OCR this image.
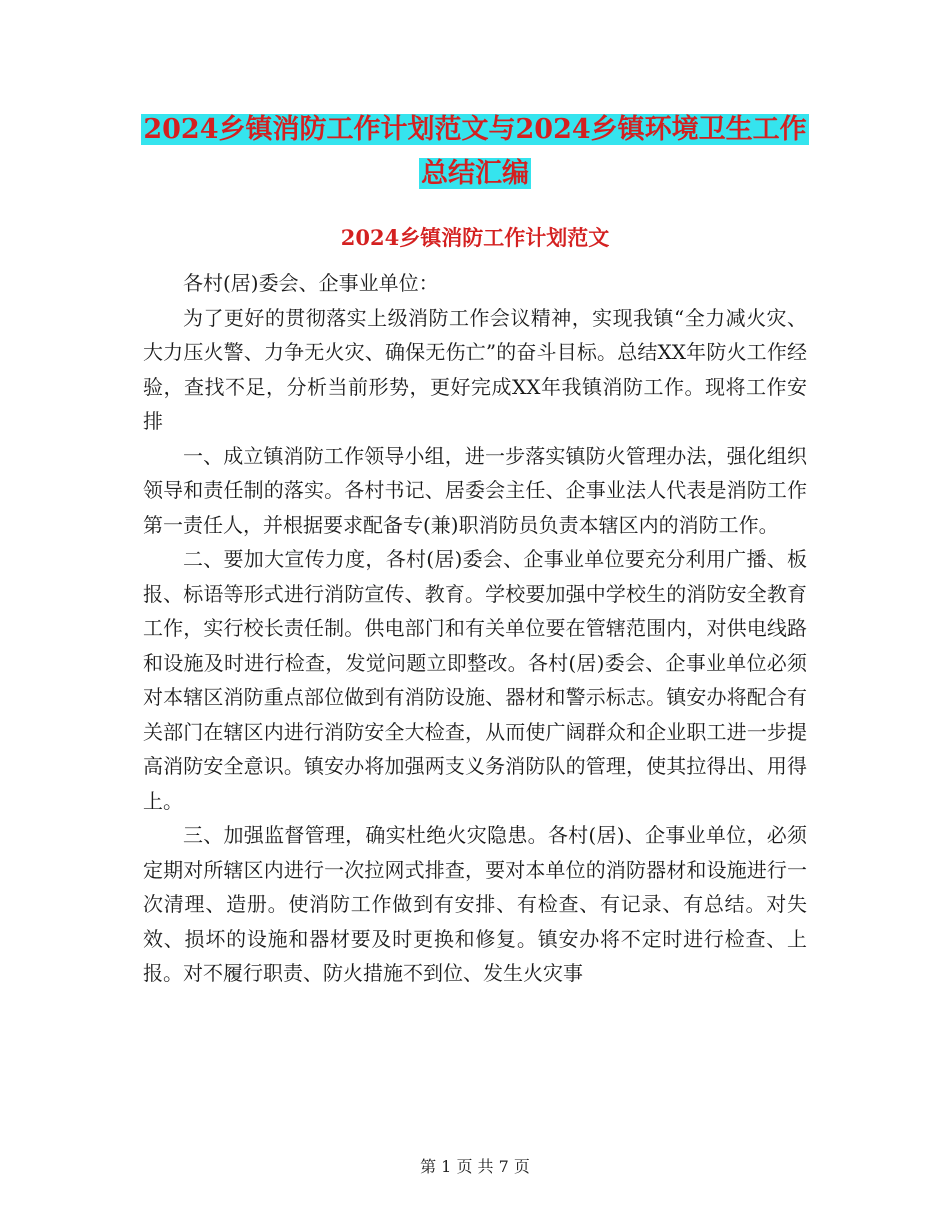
2024乡镇消防工作计划范文与2024乡镇环境卫生工作
总结汇编
2024乡镇消防工作计划范文

各村(居)委会、企事业单位：

为了更好的贯彻落实上级消防工作会议精神，实现我镇“全力减火灾、大力压火警、力争无火灾、确保无伤亡”的奋斗目标。总结XX年防火工作经验，查找不足，分析当前形势，更好完成XX年我镇消防工作。现将工作安排

一、成立镇消防工作领导小组，进一步落实镇防火管理办法，强化组织领导和责任制的落实。各村书记、居委会主任、企事业法人代表是消防工作第一责任人，并根据要求配备专(兼)职消防员负责本辖区内的消防工作。

二、要加大宣传力度，各村(居)委会、企事业单位要充分利用广播、板报、标语等形式进行消防宣传、教育。学校要加强中学校生的消防安全教育工作，实行校长责任制。供电部门和有关单位要在管辖范围内，对供电线路和设施及时进行检查，发觉问题立即整改。各村(居)委会、企事业单位必须对本辖区消防重点部位做到有消防设施、器材和警示标志。镇安办将配合有关部门在辖区内进行消防安全大检查，从而使广阔群众和企业职工进一步提高消防安全意识。镇安办将加强两支义务消防队的管理，使其拉得出、用得上。

三、加强监督管理，确实杜绝火灾隐患。各村(居)、企事业单位，必须定期对所辖区内进行一次拉网式排查，要对本单位的消防器材和设施进行一次清理、造册。使消防工作做到有安排、有检查、有记录、有总结。对失效、损坏的设施和器材要及时更换和修复。镇安办将不定时进行检查、上报。对不履行职责、防火措施不到位、发生火灾事

第 1 页 共 7 页
